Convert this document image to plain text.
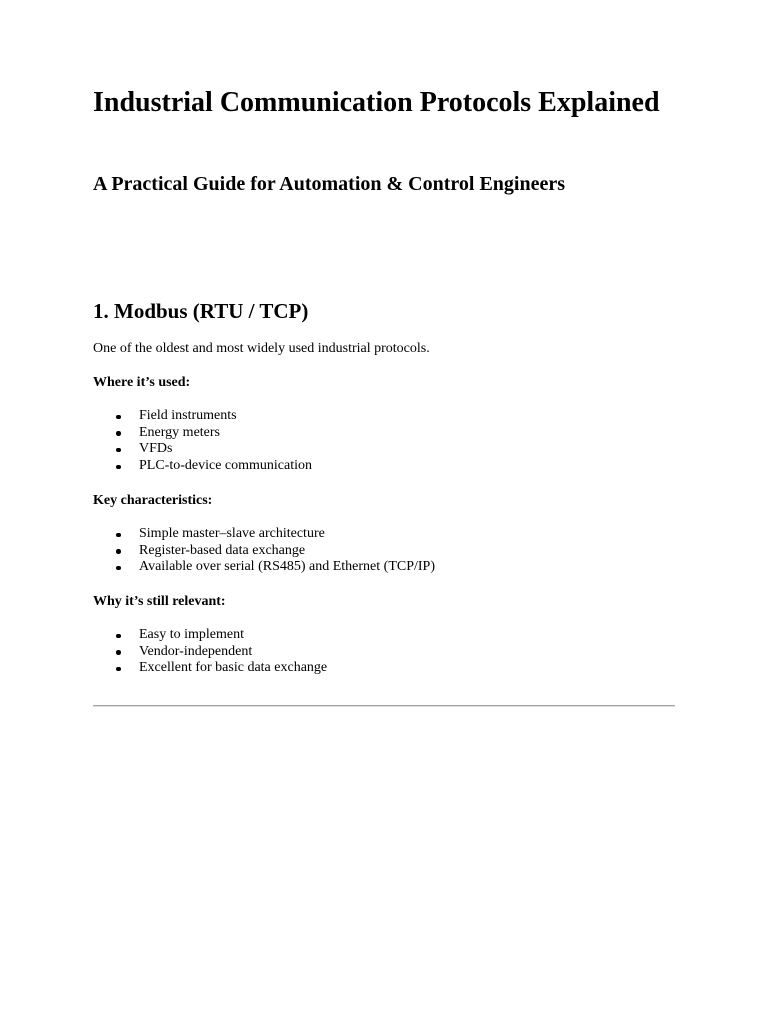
Industrial Communication Protocols Explained
A Practical Guide for Automation & Control Engineers
1. Modbus (RTU / TCP)

One of the oldest and most widely used industrial protocols.

Where it’s used:

Field instruments
Energy meters
VFDs
PLC-to-device communication

Key characteristics:

Simple master–slave architecture
Register-based data exchange
Available over serial (RS485) and Ethernet (TCP/IP)

Why it’s still relevant:

Easy to implement
Vendor-independent
Excellent for basic data exchange
